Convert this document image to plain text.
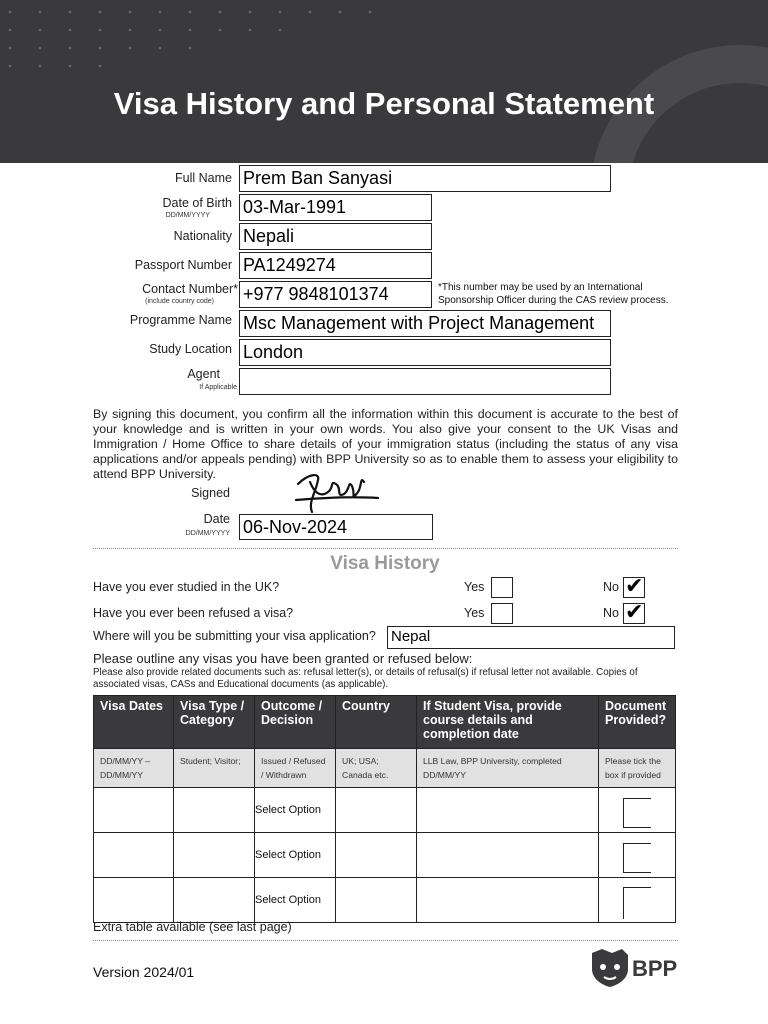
Visa History and Personal Statement
Full Name Prem Ban Sanyasi
Date of Birth
DD/MM/YYYY 03-Mar-1991
Nationality Nepali
Passport Number PA1249274
Contact Number*
(include country code) +977 9848101374	*This number may be used by an International Sponsorship Officer during the CAS review process.
Programme Name Msc Management with Project Management
Study Location London
Agent
If Applicable
By signing this document, you confirm all the information within this document is accurate to the best of your knowledge and is written in your own words. You also give your consent to the UK Visas and Immigration / Home Office to share details of your immigration status (including the status of any visa applications and/or appeals pending) with BPP University so as to enable them to assess your eligibility to attend BPP University.
Signed
Date
DD/MM/YYYY 06-Nov-2024
Visa History
Have you ever studied in the UK?	Yes	No ✔
Have you ever been refused a visa?	Yes	No ✔
Where will you be submitting your visa application? Nepal
Please outline any visas you have been granted or refused below:
Please also provide related documents such as: refusal letter(s), or details of refusal(s) if refusal letter not available. Copies of associated visas, CASs and Educational documents (as applicable).
Visa Dates	Visa Type / Category	Outcome / Decision	Country	If Student Visa, provide course details and completion date	Document Provided?
DD/MM/YY – DD/MM/YY	Student; Visitor;	Issued / Refused / Withdrawn	UK; USA; Canada etc.	LLB Law, BPP University, completed DD/MM/YY	Please tick the box if provided
		Select Option			

		Select Option			

		Select Option			
Extra table available (see last page)
Version 2024/01	BPP
